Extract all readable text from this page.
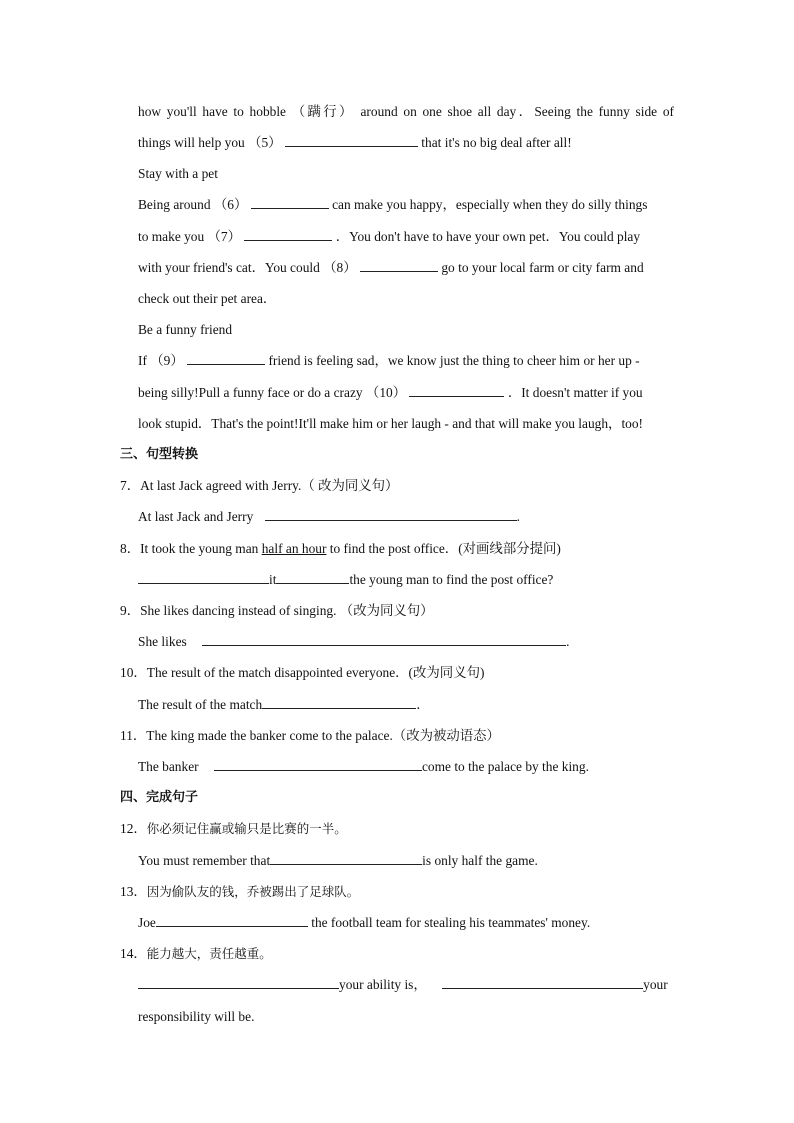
how you'll have to hobble （蹒行） around on one shoe all day．Seeing the funny side of
things will help you （5）	that it's no big deal after all!
Stay with a pet
Being around （6）	can make you happy，especially when they do silly things
to make you （7）	．You don't have to have your own pet．You could play
with your friend's cat．You could （8）	go to your local farm or city farm and
check out their pet area．
Be a funny friend
If （9）	friend is feeling sad，we know just the thing to cheer him or her up -
being silly!Pull a funny face or do a crazy （10）	．It doesn't matter if you
look stupid．That's the point!It'll make him or her laugh - and that will make you laugh，too!
三、句型转换
7．At last Jack agreed with Jerry.（ 改为同义句）
At last Jack and Jerry	.
8．It took the young man half an hour to find the post office．(对画线部分提问)
it	the young man to find the post office?
9．She likes dancing instead of singing. （改为同义句）
She likes	.
10．The result of the match disappointed everyone．(改为同义句)
The result of the match	．
11．The king made the banker come to the palace.（改为被动语态）
The banker	come to the palace by the king.
四、完成句子
12．你必须记住赢或输只是比赛的一半。
You must remember that	is only half the game.
13．因为偷队友的钱，乔被踢出了足球队。
Joe	the football team for stealing his teammates' money.
14．能力越大，责任越重。
your ability is，	your
responsibility will be.
